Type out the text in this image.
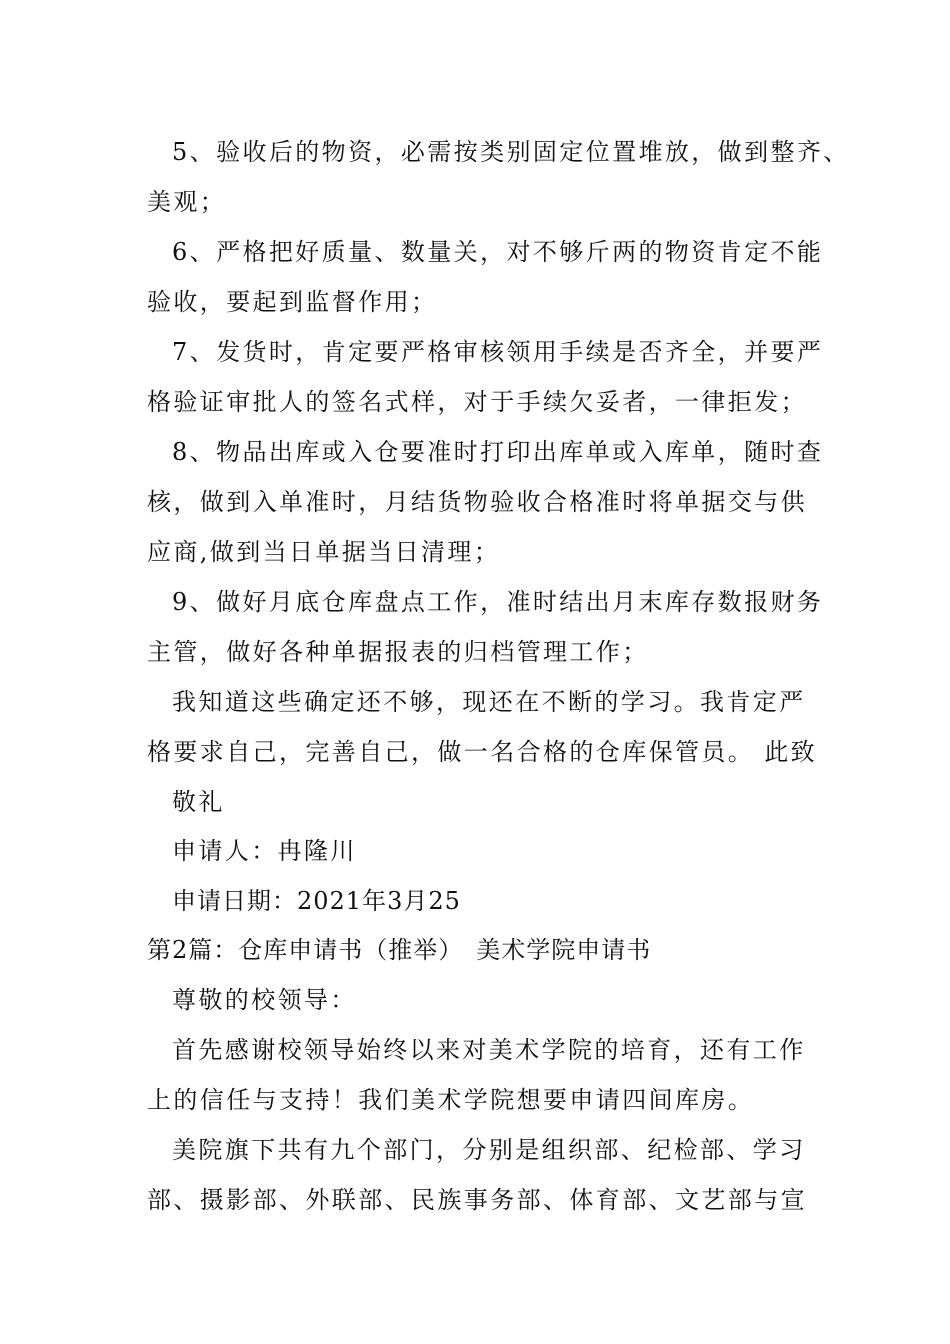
5、验收后的物资，必需按类别固定位置堆放，做到整齐、
美观；
6、严格把好质量、数量关，对不够斤两的物资肯定不能
验收，要起到监督作用；
7、发货时，肯定要严格审核领用手续是否齐全，并要严
格验证审批人的签名式样，对于手续欠妥者，一律拒发；
8、物品出库或入仓要准时打印出库单或入库单，随时查
核，做到入单准时，月结货物验收合格准时将单据交与供
应商,做到当日单据当日清理；
9、做好月底仓库盘点工作，准时结出月末库存数报财务
主管，做好各种单据报表的归档管理工作；
我知道这些确定还不够，现还在不断的学习。我肯定严
格要求自己，完善自己，做一名合格的仓库保管员。 此致
敬礼
申请人：冉隆川
申请日期：2021年3月25
第2篇：仓库申请书（推举）　美术学院申请书
尊敬的校领导：
首先感谢校领导始终以来对美术学院的培育，还有工作
上的信任与支持！我们美术学院想要申请四间库房。
美院旗下共有九个部门，分别是组织部、纪检部、学习
部、摄影部、外联部、民族事务部、体育部、文艺部与宣
